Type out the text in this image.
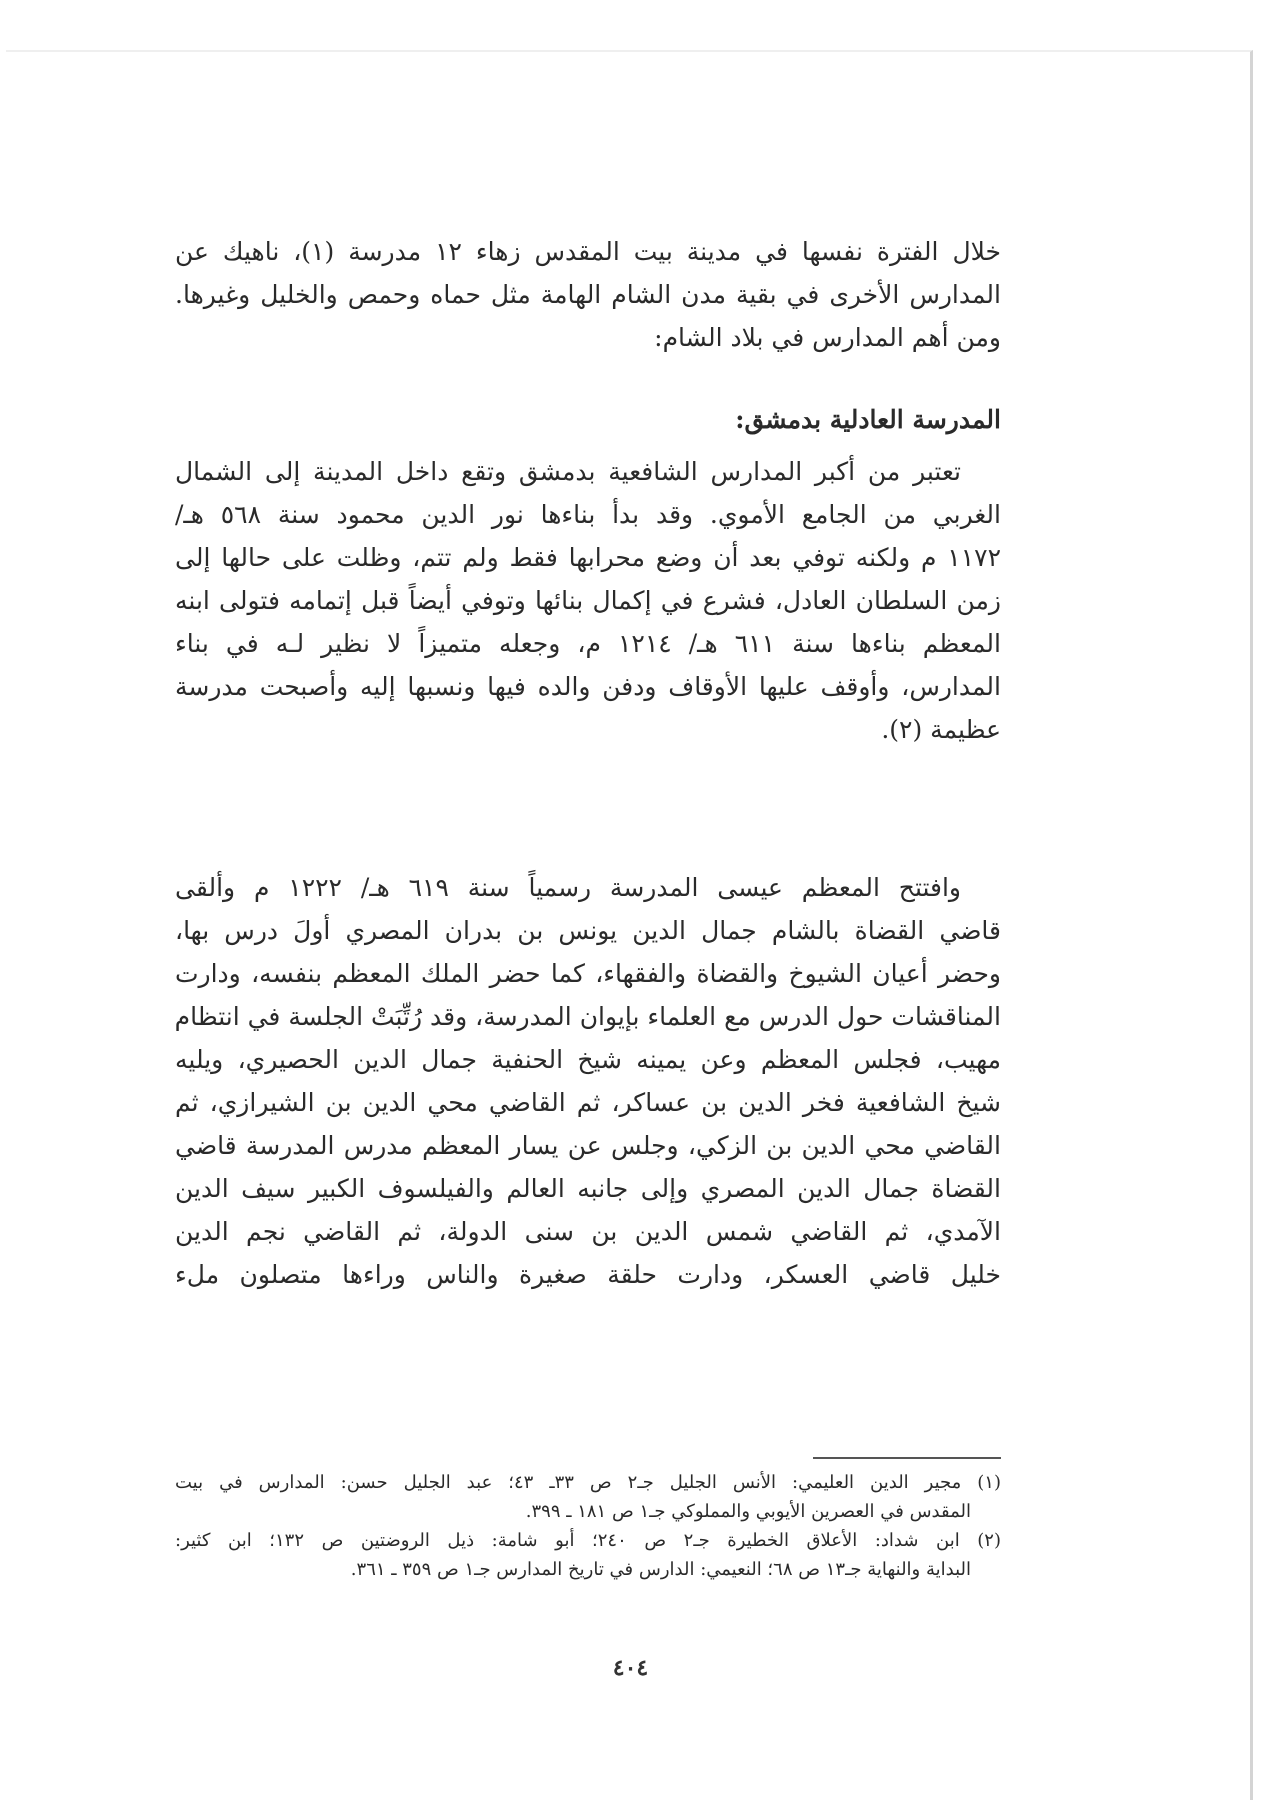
خلال الفترة نفسها في مدينة بيت المقدس زهاء ١٢ مدرسة (١)، ناهيك عن
المدارس الأخرى في بقية مدن الشام الهامة مثل حماه وحمص والخليل وغيرها.
ومن أهم المدارس في بلاد الشام:
المدرسة العادلية بدمشق:
تعتبر من أكبر المدارس الشافعية بدمشق وتقع داخل المدينة إلى الشمال
الغربي من الجامع الأموي. وقد بدأ بناءها نور الدين محمود سنة ٥٦٨ هـ/
١١٧٢ م ولكنه توفي بعد أن وضع محرابها فقط ولم تتم، وظلت على حالها إلى
زمن السلطان العادل، فشرع في إكمال بنائها وتوفي أيضاً قبل إتمامه فتولى ابنه
المعظم بناءها سنة ٦١١ هـ/ ١٢١٤ م، وجعله متميزاً لا نظير لـه في بناء
المدارس، وأوقف عليها الأوقاف ودفن والده فيها ونسبها إليه وأصبحت مدرسة
عظيمة (٢).
وافتتح المعظم عيسى المدرسة رسمياً سنة ٦١٩ هـ/ ١٢٢٢ م وألقى
قاضي القضاة بالشام جمال الدين يونس بن بدران المصري أولَ درس بها،
وحضر أعيان الشيوخ والقضاة والفقهاء، كما حضر الملك المعظم بنفسه، ودارت
المناقشات حول الدرس مع العلماء بإيوان المدرسة، وقد رُتِّبَتْ الجلسة في انتظام
مهيب، فجلس المعظم وعن يمينه شيخ الحنفية جمال الدين الحصيري، ويليه
شيخ الشافعية فخر الدين بن عساكر، ثم القاضي محي الدين بن الشيرازي، ثم
القاضي محي الدين بن الزكي، وجلس عن يسار المعظم مدرس المدرسة قاضي
القضاة جمال الدين المصري وإلى جانبه العالم والفيلسوف الكبير سيف الدين
الآمدي، ثم القاضي شمس الدين بن سنى الدولة، ثم القاضي نجم الدين
خليل قاضي العسكر، ودارت حلقة صغيرة والناس وراءها متصلون ملء
(١) مجير الدين العليمي: الأنس الجليل جـ٢ ص ٣٣ـ ٤٣؛ عبد الجليل حسن: المدارس في بيت
المقدس في العصرين الأيوبي والمملوكي جـ١ ص ١٨١ ـ ٣٩٩.
(٢) ابن شداد: الأعلاق الخطيرة جـ٢ ص ٢٤٠؛ أبو شامة: ذيل الروضتين ص ١٣٢؛ ابن كثير:
البداية والنهاية جـ١٣ ص ٦٨؛ النعيمي: الدارس في تاريخ المدارس جـ١ ص ٣٥٩ ـ ٣٦١.
٤٠٤
